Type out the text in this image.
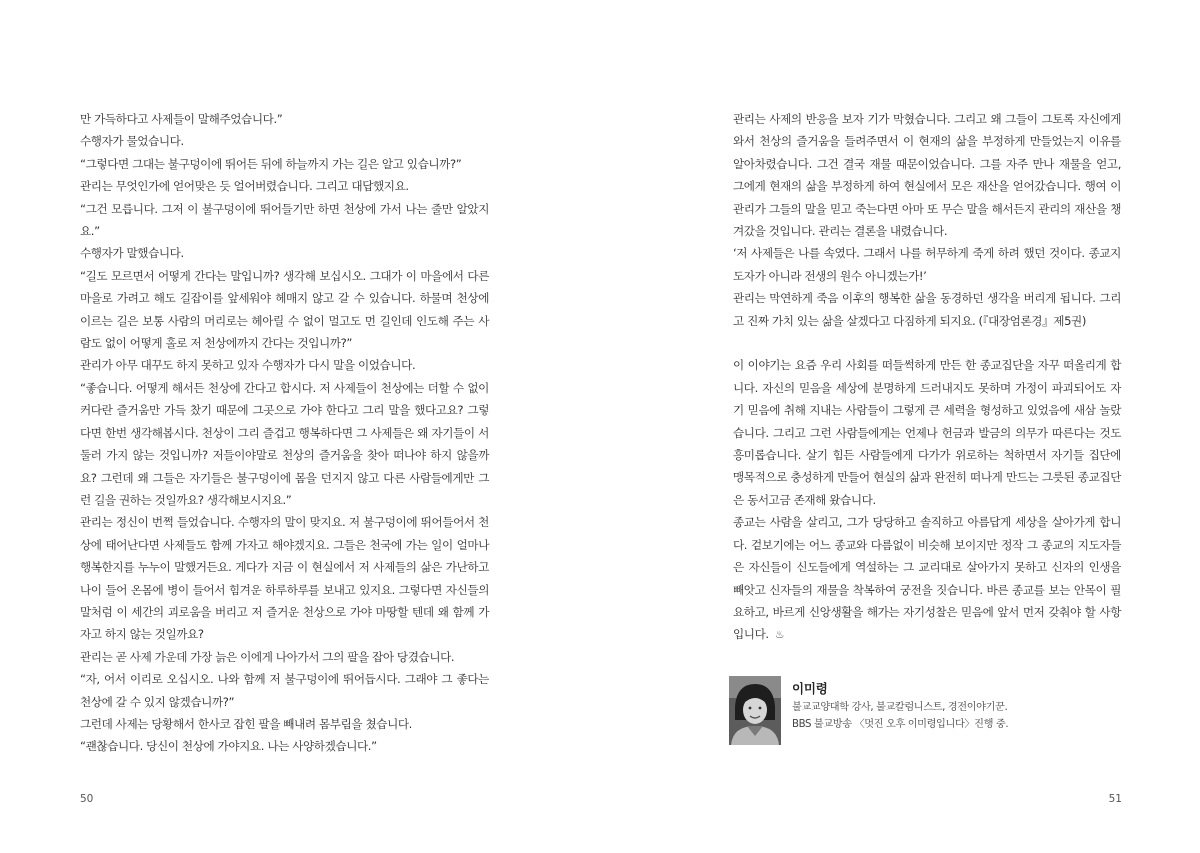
만 가득하다고 사제들이 말해주었습니다.”

수행자가 물었습니다.

“그렇다면 그대는 불구덩이에 뛰어든 뒤에 하늘까지 가는 길은 알고 있습니까?”

관리는 무엇인가에 얻어맞은 듯 얼어버렸습니다. 그리고 대답했지요.

“그건 모릅니다. 그저 이 불구덩이에 뛰어들기만 하면 천상에 가서 나는 줄만 알았지요.”

수행자가 말했습니다.

“길도 모르면서 어떻게 간다는 말입니까? 생각해 보십시오. 그대가 이 마을에서 다른 마을로 가려고 해도 길잡이를 앞세워야 헤매지 않고 갈 수 있습니다. 하물며 천상에 이르는 길은 보통 사람의 머리로는 헤아릴 수 없이 멀고도 먼 길인데 인도해 주는 사람도 없이 어떻게 홀로 저 천상에까지 간다는 것입니까?”

관리가 아무 대꾸도 하지 못하고 있자 수행자가 다시 말을 이었습니다.

“좋습니다. 어떻게 해서든 천상에 간다고 합시다. 저 사제들이 천상에는 더할 수 없이 커다란 즐거움만 가득 찼기 때문에 그곳으로 가야 한다고 그리 말을 했다고요? 그렇다면 한번 생각해봅시다. 천상이 그리 즐겁고 행복하다면 그 사제들은 왜 자기들이 서둘러 가지 않는 것입니까? 저들이야말로 천상의 즐거움을 찾아 떠나야 하지 않을까요? 그런데 왜 그들은 자기들은 불구덩이에 몸을 던지지 않고 다른 사람들에게만 그런 길을 권하는 것일까요? 생각해보시지요.”

관리는 정신이 번쩍 들었습니다. 수행자의 말이 맞지요. 저 불구덩이에 뛰어들어서 천상에 태어난다면 사제들도 함께 가자고 해야겠지요. 그들은 천국에 가는 일이 얼마나 행복한지를 누누이 말했거든요. 게다가 지금 이 현실에서 저 사제들의 삶은 가난하고 나이 들어 온몸에 병이 들어서 힘겨운 하루하루를 보내고 있지요. 그렇다면 자신들의 말처럼 이 세간의 괴로움을 버리고 저 즐거운 천상으로 가야 마땅할 텐데 왜 함께 가자고 하지 않는 것일까요?

관리는 곧 사제 가운데 가장 늙은 이에게 나아가서 그의 팔을 잡아 당겼습니다.

“자, 어서 이리로 오십시오. 나와 함께 저 불구덩이에 뛰어듭시다. 그래야 그 좋다는 천상에 갈 수 있지 않겠습니까?”

그런데 사제는 당황해서 한사코 잡힌 팔을 빼내려 몸부림을 쳤습니다.

“괜찮습니다. 당신이 천상에 가야지요. 나는 사양하겠습니다.”

50

관리는 사제의 반응을 보자 기가 막혔습니다. 그리고 왜 그들이 그토록 자신에게 와서 천상의 즐거움을 들려주면서 이 현재의 삶을 부정하게 만들었는지 이유를 알아차렸습니다. 그건 결국 재물 때문이었습니다. 그를 자주 만나 재물을 얻고, 그에게 현재의 삶을 부정하게 하여 현실에서 모은 재산을 얻어갔습니다. 행여 이 관리가 그들의 말을 믿고 죽는다면 아마 또 무슨 말을 해서든지 관리의 재산을 챙겨갔을 것입니다. 관리는 결론을 내렸습니다.

‘저 사제들은 나를 속였다. 그래서 나를 허무하게 죽게 하려 했던 것이다. 종교지도자가 아니라 전생의 원수 아니겠는가!’

관리는 막연하게 죽음 이후의 행복한 삶을 동경하던 생각을 버리게 됩니다. 그리고 진짜 가치 있는 삶을 살겠다고 다짐하게 되지요. (『대장엄론경』제5권)

이 이야기는 요즘 우리 사회를 떠들썩하게 만든 한 종교집단을 자꾸 떠올리게 합니다. 자신의 믿음을 세상에 분명하게 드러내지도 못하며 가정이 파괴되어도 자기 믿음에 취해 지내는 사람들이 그렇게 큰 세력을 형성하고 있었음에 새삼 놀랐습니다. 그리고 그런 사람들에게는 언제나 헌금과 발금의 의무가 따른다는 것도 흥미롭습니다. 살기 힘든 사람들에게 다가가 위로하는 척하면서 자기들 집단에 맹목적으로 충성하게 만들어 현실의 삶과 완전히 떠나게 만드는 그릇된 종교집단은 동서고금 존재해 왔습니다.

종교는 사람을 살리고, 그가 당당하고 솔직하고 아름답게 세상을 살아가게 합니다. 겉보기에는 어느 종교와 다름없이 비슷해 보이지만 정작 그 종교의 지도자들은 자신들이 신도들에게 역설하는 그 교리대로 살아가지 못하고 신자의 인생을 빼앗고 신자들의 재물을 착복하여 궁전을 짓습니다. 바른 종교를 보는 안목이 필요하고, 바르게 신앙생활을 해가는 자기성찰은 믿음에 앞서 먼저 갖춰야 할 사항입니다. ♨

이미령
불교교양대학 강사, 불교칼럼니스트, 경전이야기꾼.
BBS 불교방송 〈멋진 오후 이미령입니다〉진행 중.
51
